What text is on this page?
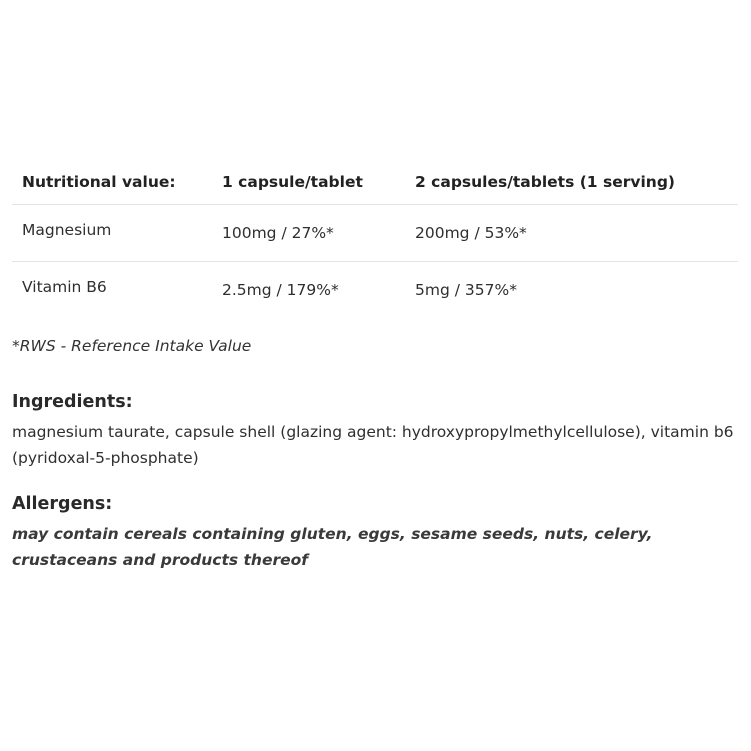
Nutritional value:	1 capsule/tablet	2 capsules/tablets (1 serving)
Magnesium	100mg / 27%*	200mg / 53%*
Vitamin B6	2.5mg / 179%*	5mg / 357%*
*RWS - Reference Intake Value
Ingredients:
magnesium taurate, capsule shell (glazing agent: hydroxypropylmethylcellulose), vitamin b6 (pyridoxal-5-phosphate)
Allergens:
may contain cereals containing gluten, eggs, sesame seeds, nuts, celery, crustaceans and products thereof
